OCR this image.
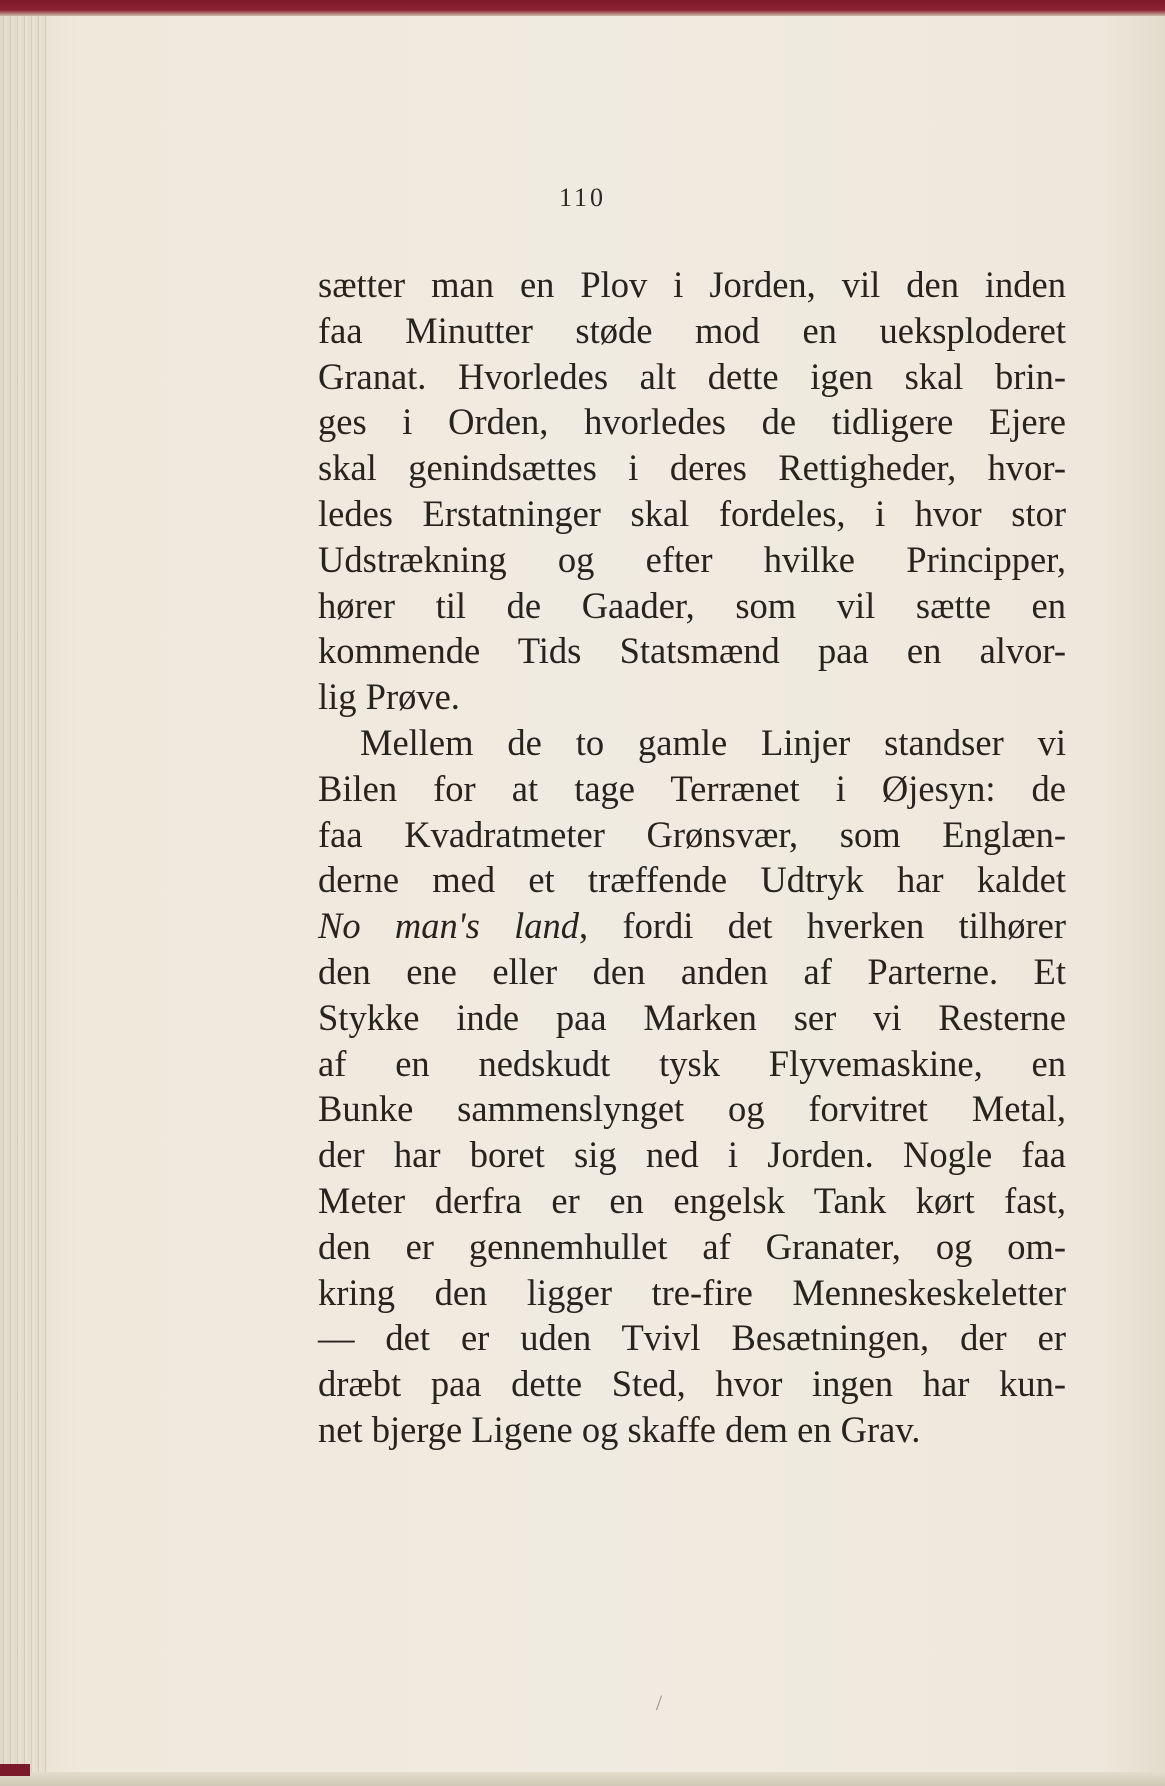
110
sætter man en Plov i Jorden, vil den inden
faa Minutter støde mod en ueksploderet
Granat. Hvorledes alt dette igen skal brin-
ges i Orden, hvorledes de tidligere Ejere
skal genindsættes i deres Rettigheder, hvor-
ledes Erstatninger skal fordeles, i hvor stor
Udstrækning og efter hvilke Principper,
hører til de Gaader, som vil sætte en
kommende Tids Statsmænd paa en alvor-
lig Prøve.
Mellem de to gamle Linjer standser vi
Bilen for at tage Terrænet i Øjesyn: de
faa Kvadratmeter Grønsvær, som Englæn-
derne med et træffende Udtryk har kaldet
No man's land, fordi det hverken tilhører
den ene eller den anden af Parterne. Et
Stykke inde paa Marken ser vi Resterne
af en nedskudt tysk Flyvemaskine, en
Bunke sammenslynget og forvitret Metal,
der har boret sig ned i Jorden. Nogle faa
Meter derfra er en engelsk Tank kørt fast,
den er gennemhullet af Granater, og om-
kring den ligger tre-fire Menneskeskeletter
— det er uden Tvivl Besætningen, der er
dræbt paa dette Sted, hvor ingen har kun-
net bjerge Ligene og skaffe dem en Grav.
/
